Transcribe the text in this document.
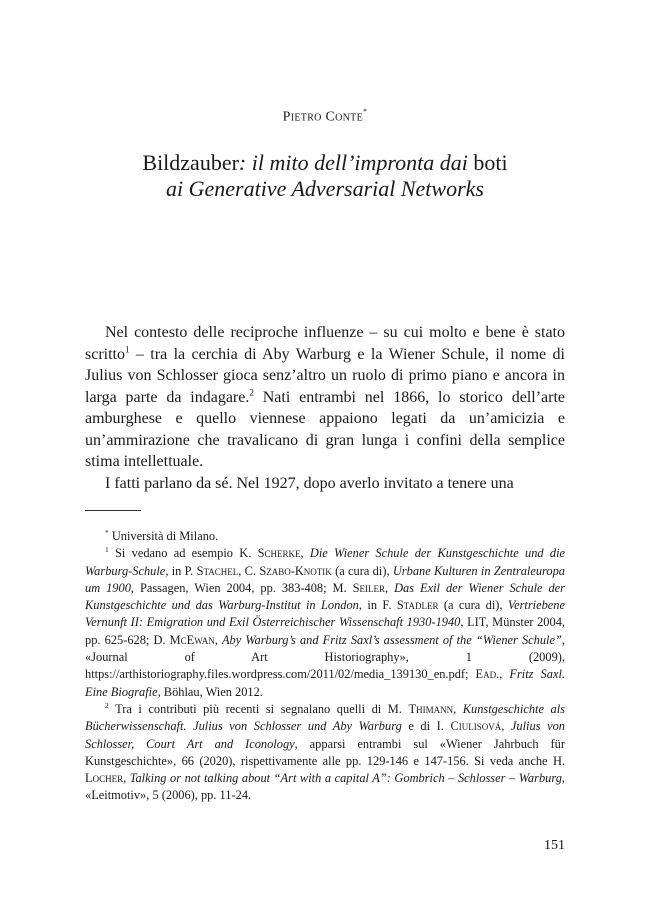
Pietro Conte*
Bildzauber: il mito dell’impronta dai boti
ai Generative Adversarial Networks

Nel contesto delle reciproche influenze – su cui molto e bene è stato scritto$^1$ – tra la cerchia di Aby Warburg e la Wiener Schule, il nome di Julius von Schlosser gioca senz’altro un ruolo di primo piano e ancora in larga parte da indagare.$^2$ Nati entrambi nel 1866, lo storico dell’arte amburghese e quello viennese appaiono legati da un’amicizia e un’ammirazione che travalicano di gran lunga i confini della semplice stima intellettuale.

I fatti parlano da sé. Nel 1927, dopo averlo invitato a tenere una

* Università di Milano.

$^1$ Si vedano ad esempio K. Scherke, Die Wiener Schule der Kunstgeschichte und die Warburg-Schule, in P. Stachel, C. Szabo-Knotik (a cura di), Urbane Kulturen in Zentraleuropa um 1900, Passagen, Wien 2004, pp. 383-408; M. Seiler, Das Exil der Wiener Schule der Kunstgeschichte und das Warburg-Institut in London, in F. Stadler (a cura di), Vertriebene Vernunft II: Emigration und Exil Österreichischer Wissenschaft 1930-1940, LIT, Münster 2004, pp. 625-628; D. McEwan, Aby Warburg’s and Fritz Saxl’s assessment of the “Wiener Schule”, «Journal of Art Historiography», 1 (2009), https://arthistoriography.files.wordpress.com/2011/02/media_139130_en.pdf; Ead., Fritz Saxl. Eine Biografie, Böhlau, Wien 2012.

$^2$ Tra i contributi più recenti si segnalano quelli di M. Thimann, Kunstgeschichte als Bücherwissenschaft. Julius von Schlosser und Aby Warburg e di I. Ciulisová, Julius von Schlosser, Court Art and Iconology, apparsi entrambi sul «Wiener Jahrbuch für Kunstgeschichte», 66 (2020), rispettivamente alle pp. 129-146 e 147-156. Si veda anche H. Locher, Talking or not talking about “Art with a capital A”: Gombrich – Schlosser – Warburg, «Leitmotiv», 5 (2006), pp. 11-24.

151
